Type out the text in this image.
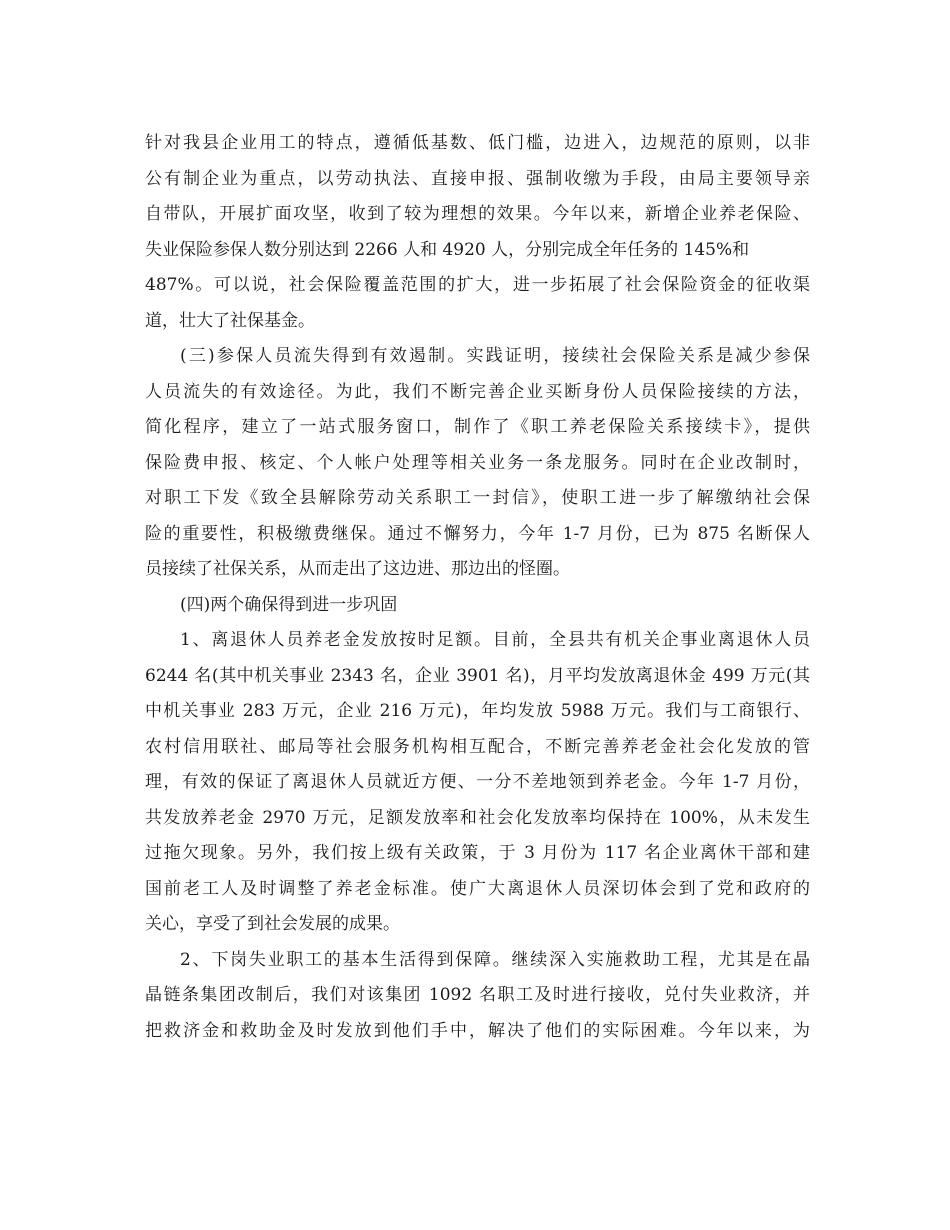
针对我县企业用工的特点，遵循低基数、低门槛，边进入，边规范的原则，以非
公有制企业为重点，以劳动执法、直接申报、强制收缴为手段，由局主要领导亲
自带队，开展扩面攻坚，收到了较为理想的效果。今年以来，新增企业养老保险、
失业保险参保人数分别达到 2266 人和 4920 人，分别完成全年任务的 145%和
487%。可以说，社会保险覆盖范围的扩大，进一步拓展了社会保险资金的征收渠
道，壮大了社保基金。
(三)参保人员流失得到有效遏制。实践证明，接续社会保险关系是减少参保
人员流失的有效途径。为此，我们不断完善企业买断身份人员保险接续的方法，
简化程序，建立了一站式服务窗口，制作了《职工养老保险关系接续卡》，提供
保险费申报、核定、个人帐户处理等相关业务一条龙服务。同时在企业改制时，
对职工下发《致全县解除劳动关系职工一封信》，使职工进一步了解缴纳社会保
险的重要性，积极缴费继保。通过不懈努力，今年 1-7 月份，已为 875 名断保人
员接续了社保关系，从而走出了这边进、那边出的怪圈。
(四)两个确保得到进一步巩固
1、离退休人员养老金发放按时足额。目前，全县共有机关企事业离退休人员
6244 名(其中机关事业 2343 名，企业 3901 名)，月平均发放离退休金 499 万元(其
中机关事业 283 万元，企业 216 万元)，年均发放 5988 万元。我们与工商银行、
农村信用联社、邮局等社会服务机构相互配合，不断完善养老金社会化发放的管
理，有效的保证了离退休人员就近方便、一分不差地领到养老金。今年 1-7 月份，
共发放养老金 2970 万元，足额发放率和社会化发放率均保持在 100%，从未发生
过拖欠现象。另外，我们按上级有关政策，于 3 月份为 117 名企业离休干部和建
国前老工人及时调整了养老金标准。使广大离退休人员深切体会到了党和政府的
关心，享受了到社会发展的成果。
2、下岗失业职工的基本生活得到保障。继续深入实施救助工程，尤其是在晶
晶链条集团改制后，我们对该集团 1092 名职工及时进行接收，兑付失业救济，并
把救济金和救助金及时发放到他们手中，解决了他们的实际困难。今年以来，为
